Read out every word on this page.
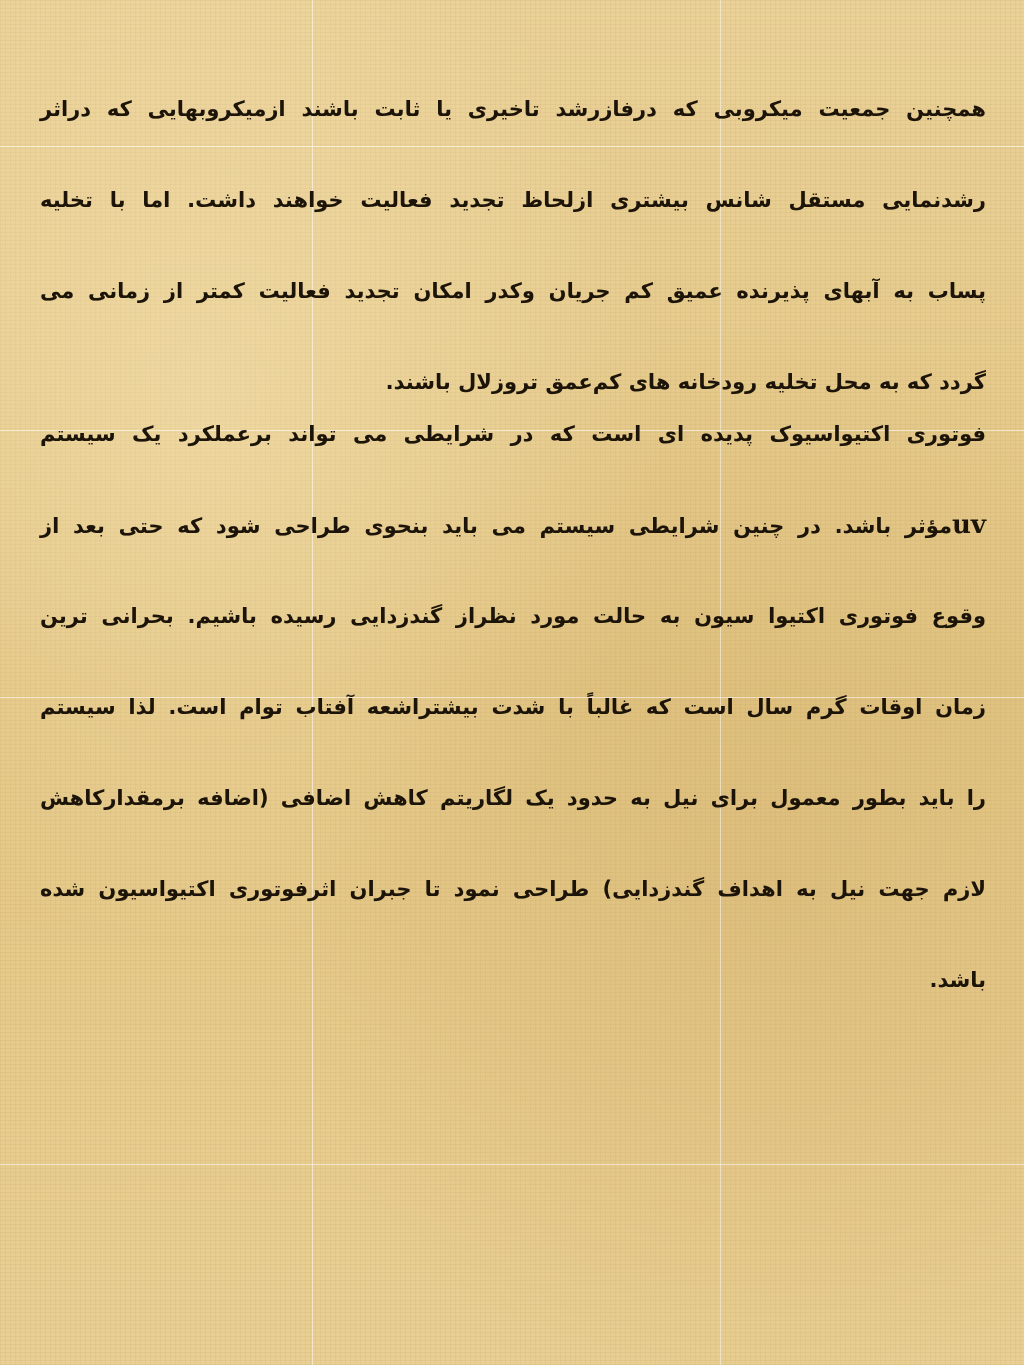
همچنین جمعیت میکروبی که درفازرشد تاخیری یا ثابت باشند ازمیکروبهایی که دراثر
رشدنمایی مستقل شانس بیشتری ازلحاظ تجدید فعالیت خواهند داشت. اما با تخلیه
پساب به آبهای پذیرنده عمیق کم جریان وکدر امکان تجدید فعالیت کمتر از زمانی می
گردد که به محل تخلیه رودخانه های کم‌عمق تروزلال باشند.
فوتوری اکتیواسیوک پدیده ای است که در شرایطی می تواند برعملکرد یک سیستم
uvمؤثر باشد. در چنین شرایطی سیستم می باید بنحوی طراحی شود که حتی بعد از
وقوع فوتوری اکتیوا سیون به حالت مورد نظراز گندزدایی رسیده باشیم. بحرانی ترین
زمان اوقات گرم سال است که غالباً با شدت بیشتراشعه آفتاب توام است. لذا سیستم
را باید بطور معمول برای نیل به حدود یک لگاریتم کاهش اضافی (اضافه برمقدارکاهش
لازم جهت نیل به اهداف گندزدایی) طراحی نمود تا جبران اثرفوتوری اکتیواسیون شده
باشد.
